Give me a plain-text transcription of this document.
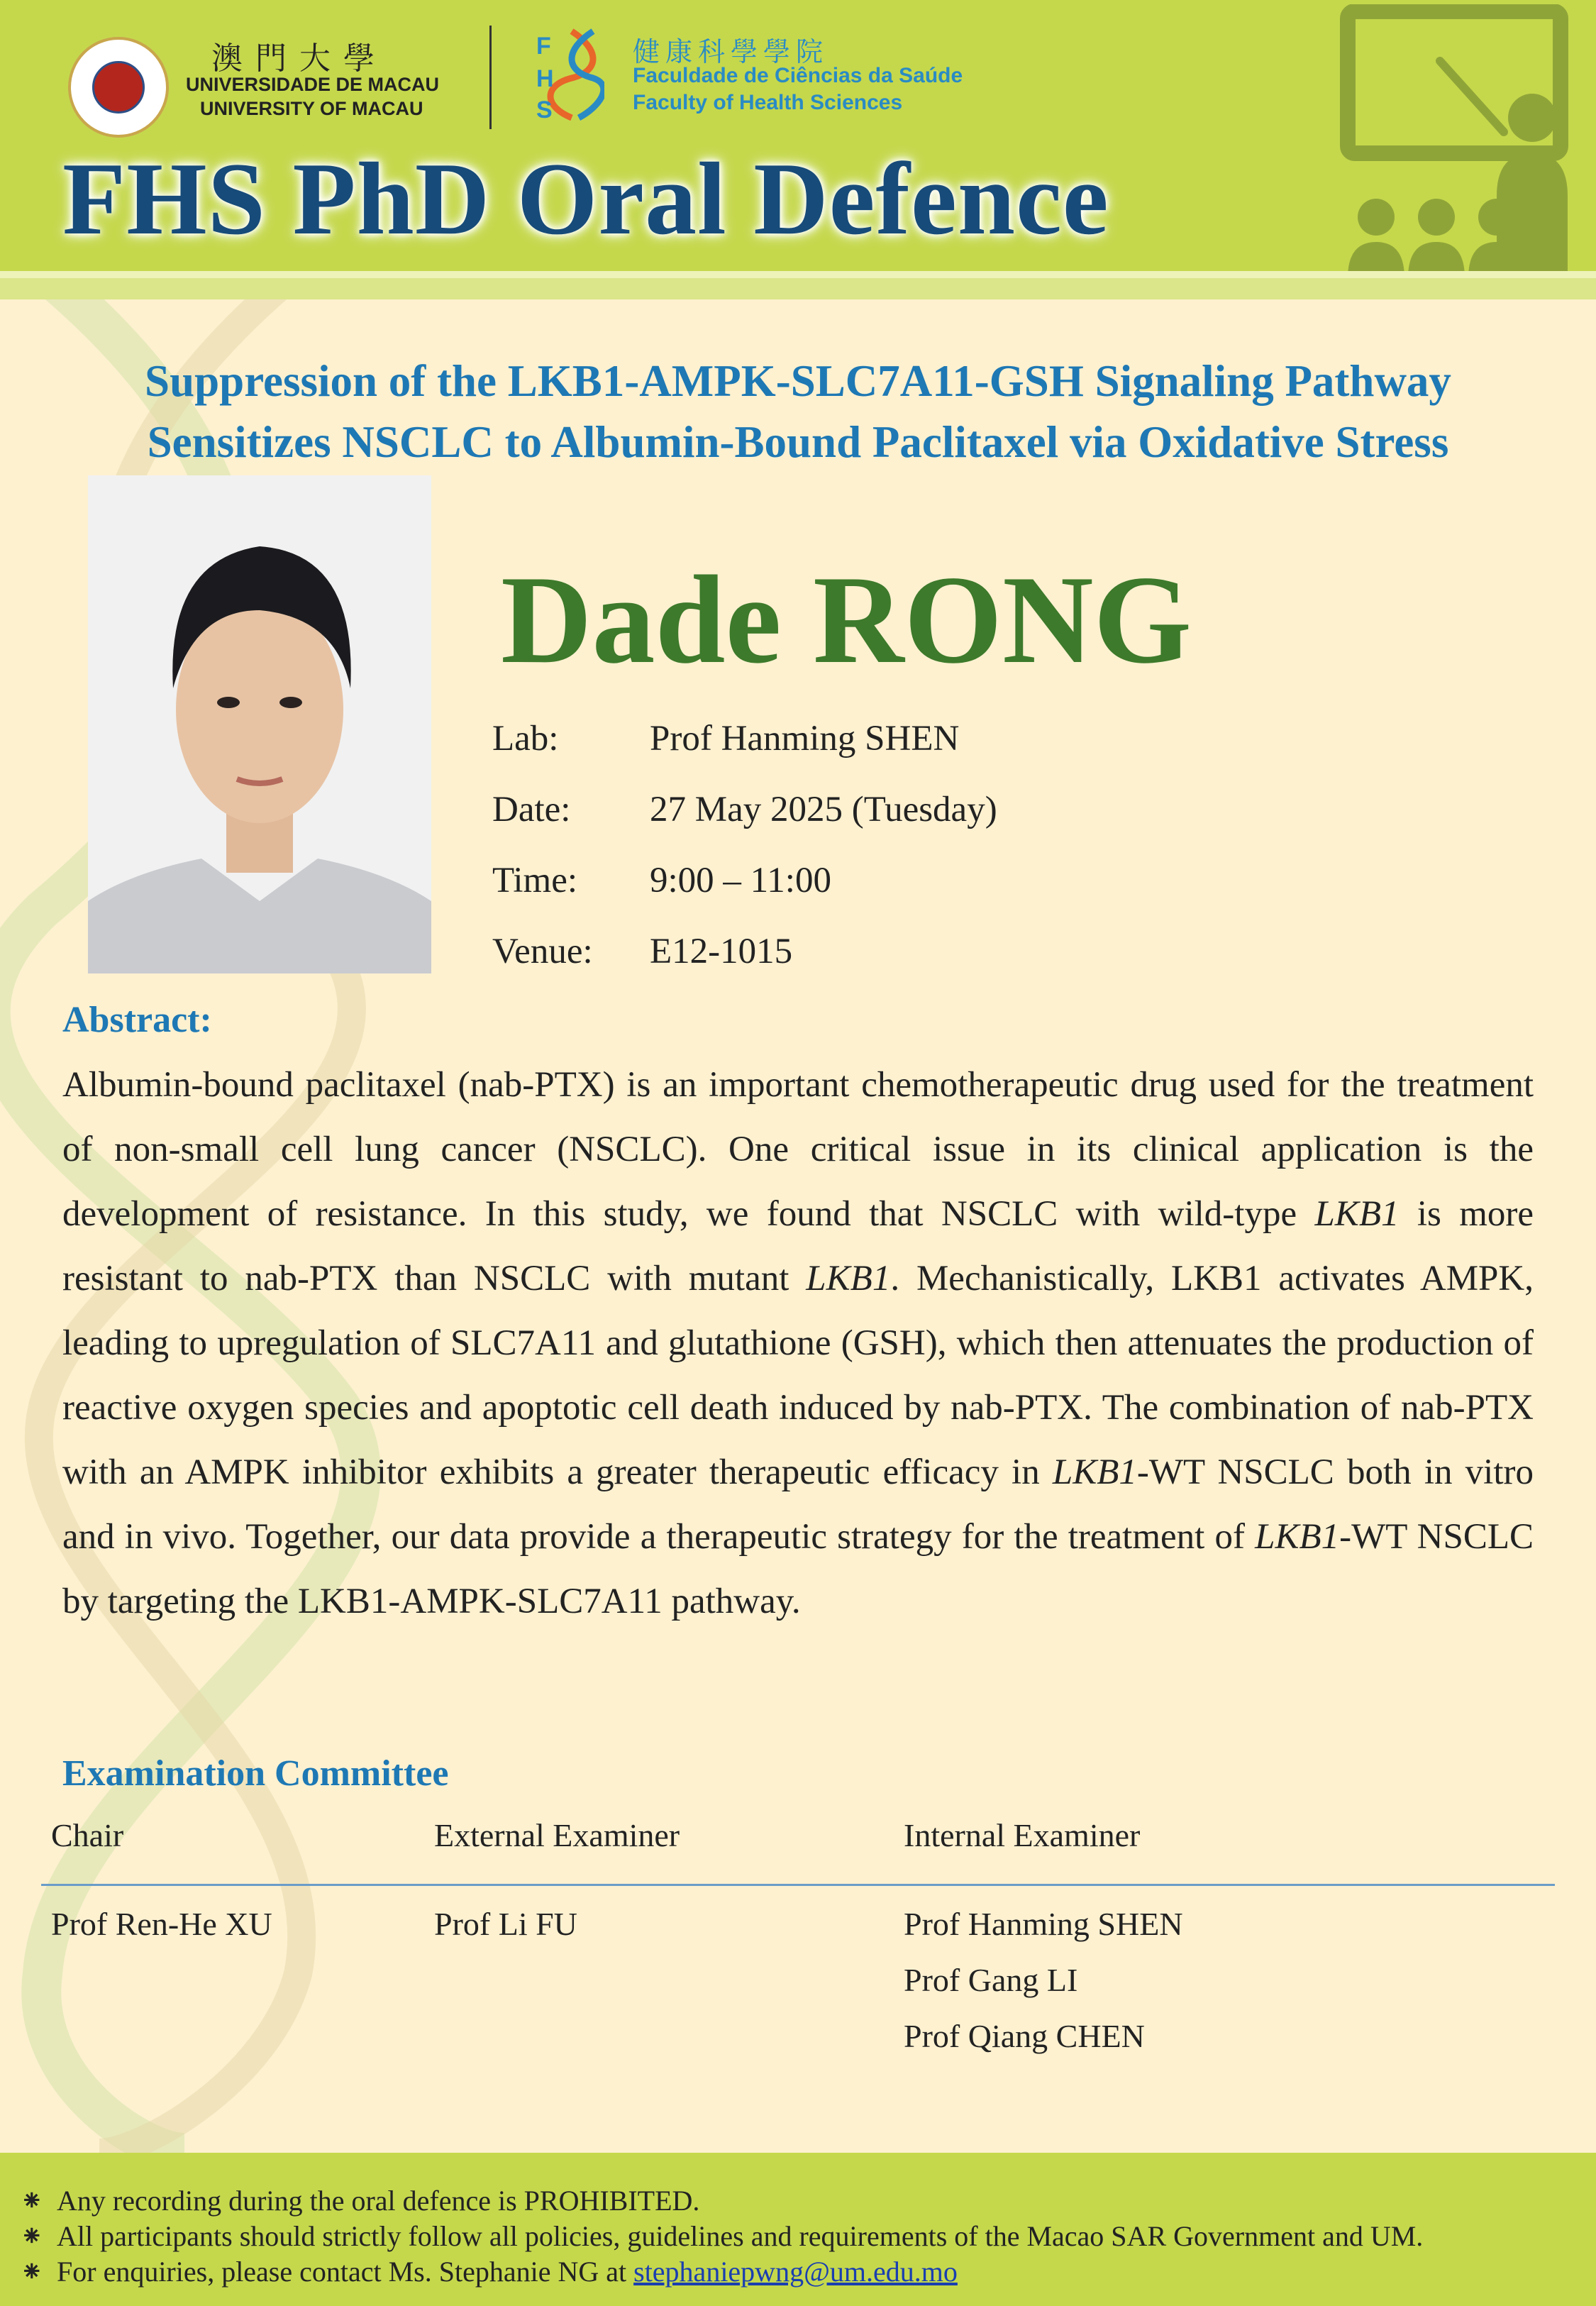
澳門大學
UNIVERSIDADE DE MACAU
UNIVERSITY OF MACAU
F
H
S
健康科學學院
Faculdade de Ciências da Saúde
Faculty of Health Sciences
FHS PhD Oral Defence
Suppression of the LKB1-AMPK-SLC7A11-GSH Signaling Pathway
Sensitizes NSCLC to Albumin-Bound Paclitaxel via Oxidative Stress
Dade RONG
Lab:	Prof Hanming SHEN
Date: 27 May 2025 (Tuesday)
Time: 9:00 – 11:00
Venue: E12-1015
Abstract:
Albumin-bound paclitaxel (nab-PTX) is an important chemotherapeutic drug used for the treatment of non-small cell lung cancer (NSCLC). One critical issue in its clinical application is the development of resistance. In this study, we found that NSCLC with wild-type LKB1 is more resistant to nab-PTX than NSCLC with mutant LKB1. Mechanistically, LKB1 activates AMPK, leading to upregulation of SLC7A11 and glutathione (GSH), which then attenuates the production of reactive oxygen species and apoptotic cell death induced by nab-PTX. The combination of nab-PTX with an AMPK inhibitor exhibits a greater therapeutic efficacy in LKB1-WT NSCLC both in vitro and in vivo. Together, our data provide a therapeutic strategy for the treatment of LKB1-WT NSCLC by targeting the LKB1-AMPK-SLC7A11 pathway.
Examination Committee
Chair
Prof Ren-He XU
External Examiner
Prof Li FU
Internal Examiner
Prof Hanming SHEN
Prof Gang LI
Prof Qiang CHEN
⁕ Any recording during the oral defence is PROHIBITED.
⁕ All participants should strictly follow all policies, guidelines and requirements of the Macao SAR Government and UM.
⁕ For enquiries, please contact Ms. Stephanie NG at stephaniepwng@um.edu.mo
